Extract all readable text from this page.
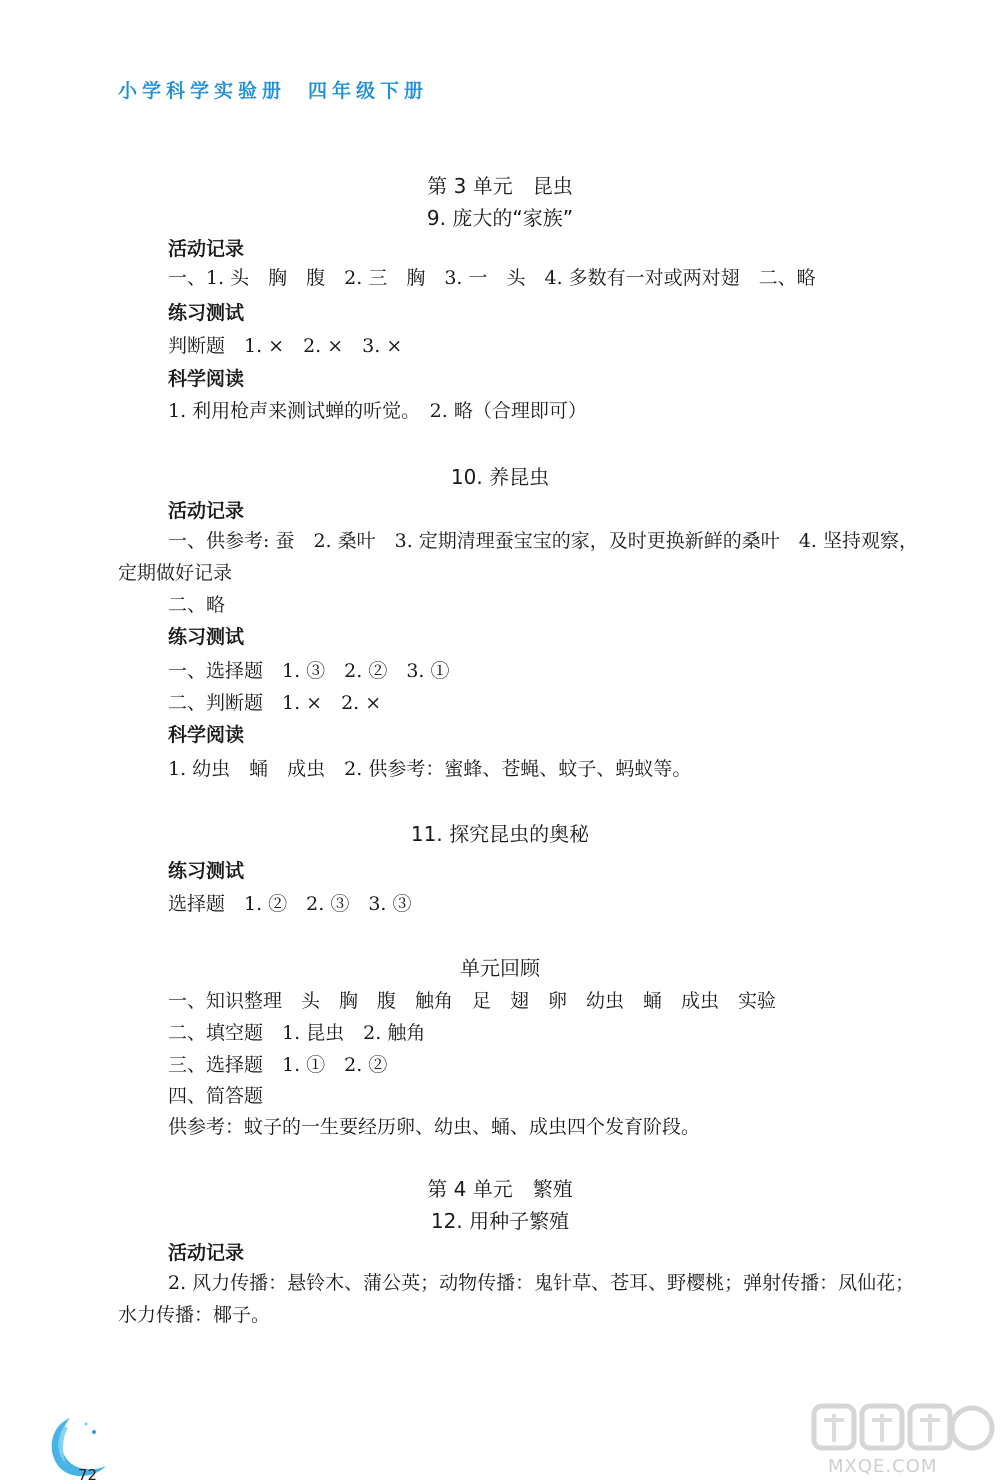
小学科学实验册 四年级下册
第 3 单元　昆虫
9. 庞大的“家族”
活动记录
一、1. 头　胸　腹　2. 三　胸　3. 一　头　4. 多数有一对或两对翅　二、略
练习测试
判断题　1. ×　2. ×　3. ×
科学阅读
1. 利用枪声来测试蝉的听觉。　2. 略（合理即可）
10. 养昆虫
活动记录
一、供参考: 蚕　2. 桑叶　3. 定期清理蚕宝宝的家，及时更换新鲜的桑叶　4. 坚持观察，
定期做好记录
二、略
练习测试
一、选择题　1. ③　2. ②　3. ①
二、判断题　1. ×　2. ×
科学阅读
1. 幼虫　蛹　成虫　2. 供参考：蜜蜂、苍蝇、蚊子、蚂蚁等。
11. 探究昆虫的奥秘
练习测试
选择题　1. ②　2. ③　3. ③
单元回顾
一、知识整理　头　胸　腹　触角　足　翅　卵　幼虫　蛹　成虫　实验
二、填空题　1. 昆虫　2. 触角
三、选择题　1. ①　2. ②
四、简答题
供参考：蚊子的一生要经历卵、幼虫、蛹、成虫四个发育阶段。
第 4 单元　繁殖
12. 用种子繁殖
活动记录
2. 风力传播：悬铃木、蒲公英；动物传播：鬼针草、苍耳、野樱桃；弹射传播：凤仙花；
水力传播：椰子。
72	MXQE.COM
